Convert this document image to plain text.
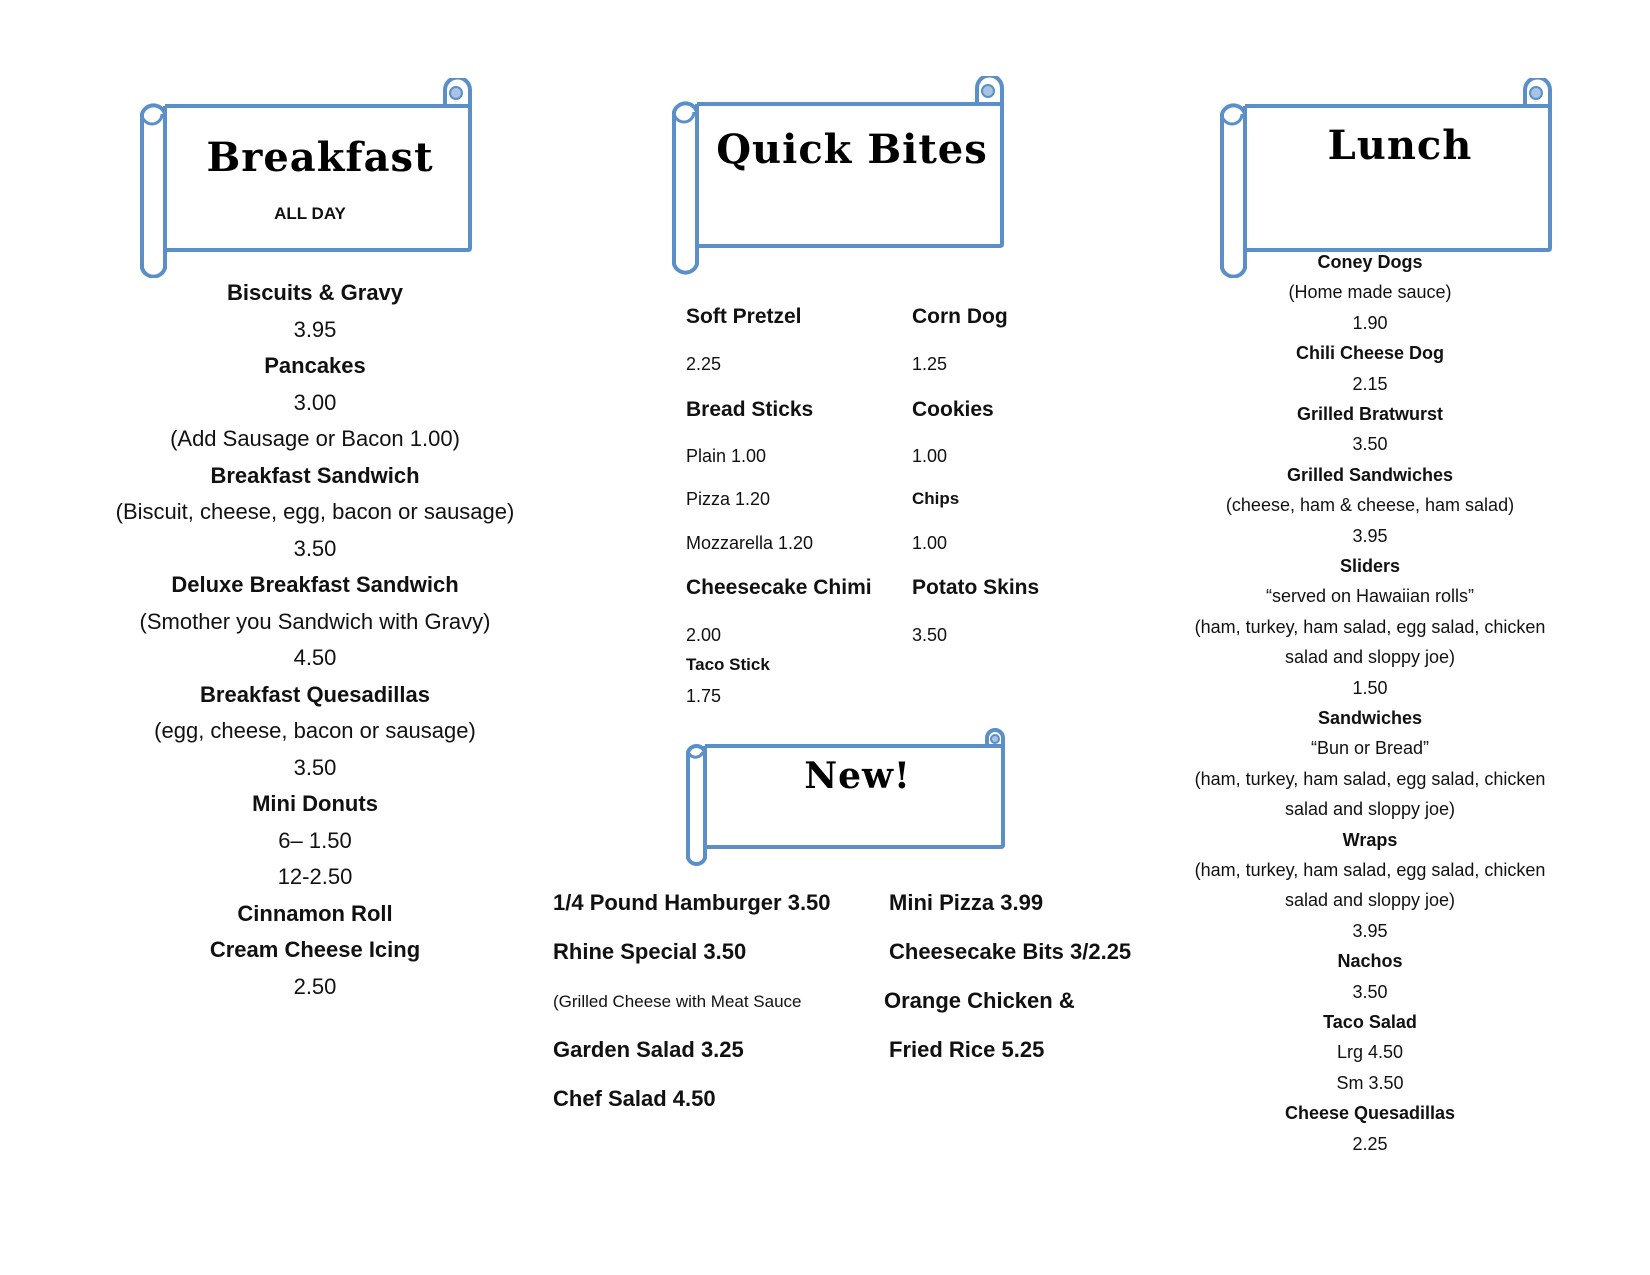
Breakfast
ALL DAY
Biscuits & Gravy
3.95
Pancakes
3.00
(Add Sausage or Bacon 1.00)
Breakfast Sandwich
(Biscuit, cheese, egg, bacon or sausage)
3.50
Deluxe Breakfast Sandwich
(Smother you Sandwich with Gravy)
4.50
Breakfast Quesadillas
(egg, cheese, bacon or sausage)
3.50
Mini Donuts
6– 1.50
12-2.50
Cinnamon Roll
Cream Cheese Icing
2.50
Quick Bites
Soft Pretzel
2.25
Bread Sticks
Plain 1.00
Pizza 1.20
Mozzarella 1.20
Cheesecake Chimi
2.00
Taco Stick
1.75
Corn Dog
1.25
Cookies
1.00
Chips
1.00
Potato Skins
3.50
New!
1/4 Pound Hamburger 3.50
Rhine Special 3.50
(Grilled Cheese with Meat Sauce
Garden Salad 3.25
Chef Salad 4.50
Mini Pizza 3.99
Cheesecake Bits 3/2.25
Orange Chicken &
Fried Rice 5.25
Lunch
Coney Dogs
(Home made sauce)
1.90
Chili Cheese Dog
2.15
Grilled Bratwurst
3.50
Grilled Sandwiches
(cheese, ham & cheese, ham salad)
3.95
Sliders
“served on Hawaiian rolls”
(ham, turkey, ham salad, egg salad, chicken
salad and sloppy joe)
1.50
Sandwiches
“Bun or Bread”
(ham, turkey, ham salad, egg salad, chicken
salad and sloppy joe)
Wraps
(ham, turkey, ham salad, egg salad, chicken
salad and sloppy joe)
3.95
Nachos
3.50
Taco Salad
Lrg 4.50
Sm 3.50
Cheese Quesadillas
2.25
